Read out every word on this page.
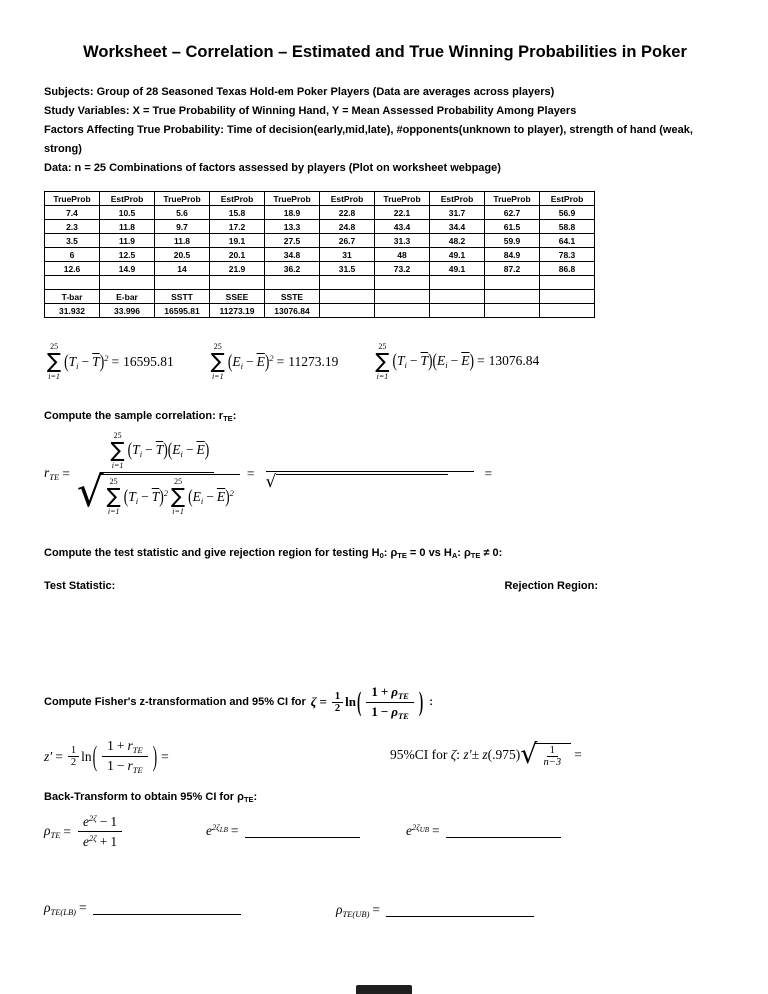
Worksheet – Correlation – Estimated and True Winning Probabilities in Poker

Subjects: Group of 28 Seasoned Texas Hold-em Poker Players (Data are averages across players)

Study Variables: X = True Probability of Winning Hand, Y = Mean Assessed Probability Among Players

Factors Affecting True Probability: Time of decision(early,mid,late), #opponents(unknown to player), strength of hand (weak, strong)

Data: n = 25 Combinations of factors assessed by players (Plot on worksheet webpage)

TrueProb	EstProb	TrueProb	EstProb	TrueProb	EstProb	TrueProb	EstProb	TrueProb	EstProb
7.4	10.5	5.6	15.8	18.9	22.8	22.1	31.7	62.7	56.9
2.3	11.8	9.7	17.2	13.3	24.8	43.4	34.4	61.5	58.8
3.5	11.9	11.8	19.1	27.5	26.7	31.3	48.2	59.9	64.1
6	12.5	20.5	20.1	34.8	31	48	49.1	84.9	78.3
12.6	14.9	14	21.9	36.2	31.5	73.2	49.1	87.2	86.8

T-bar	E-bar	SSTT	SSEE	SSTE					
31.932	33.996	16595.81	11273.19	13076.84					
25
∑
i=1
$(T_i - \overline{T})^2 = 16595.81$
25
∑
i=1
$(E_i - \overline{E})^2 = 11273.19$
25
∑
i=1
$(T_i - \overline{T})(E_i - \overline{E}) = 13076.84$

Compute the sample correlation: $r_{TE}$:

$r_{TE}$ =
25
∑
i=1
$(T_i - \overline{T})(E_i - \overline{E})$
√ 25
∑
i=1
$(T_i - \overline{T})^2$
25
∑
i=1
$(E_i - \overline{E})^2$
= √	=

Compute the test statistic and give rejection region for testing $H_0$: $\rho_{TE} = 0$ vs $H_A$: $\rho_{TE} \ne 0$:

Test Statistic:	Rejection Region:
Compute Fisher's z-transformation and 95% CI for $\zeta = \frac{1}{2}$ ln ( $\frac{1 + \rho_{TE}}{1 - \rho_{TE}}$ ) :
$z' = \frac{1}{2}$ ln ( $\frac{1 + r_{TE}}{1 - r_{TE}}$ ) =	95%CI for
ζ:
z′± z(.975) √ $\frac{1}{n-3}$ =

Back-Transform to obtain 95% CI for $\rho_{TE}$:

$\rho_{TE} = \frac{e^{2\zeta} - 1}{e^{2\zeta} + 1}$	$e^{2\zeta_{LB}}$ =	$e^{2\zeta_{UB}}$ =
$\rho_{TE(LB)}$ =	$\rho_{TE(UB)}$ =
